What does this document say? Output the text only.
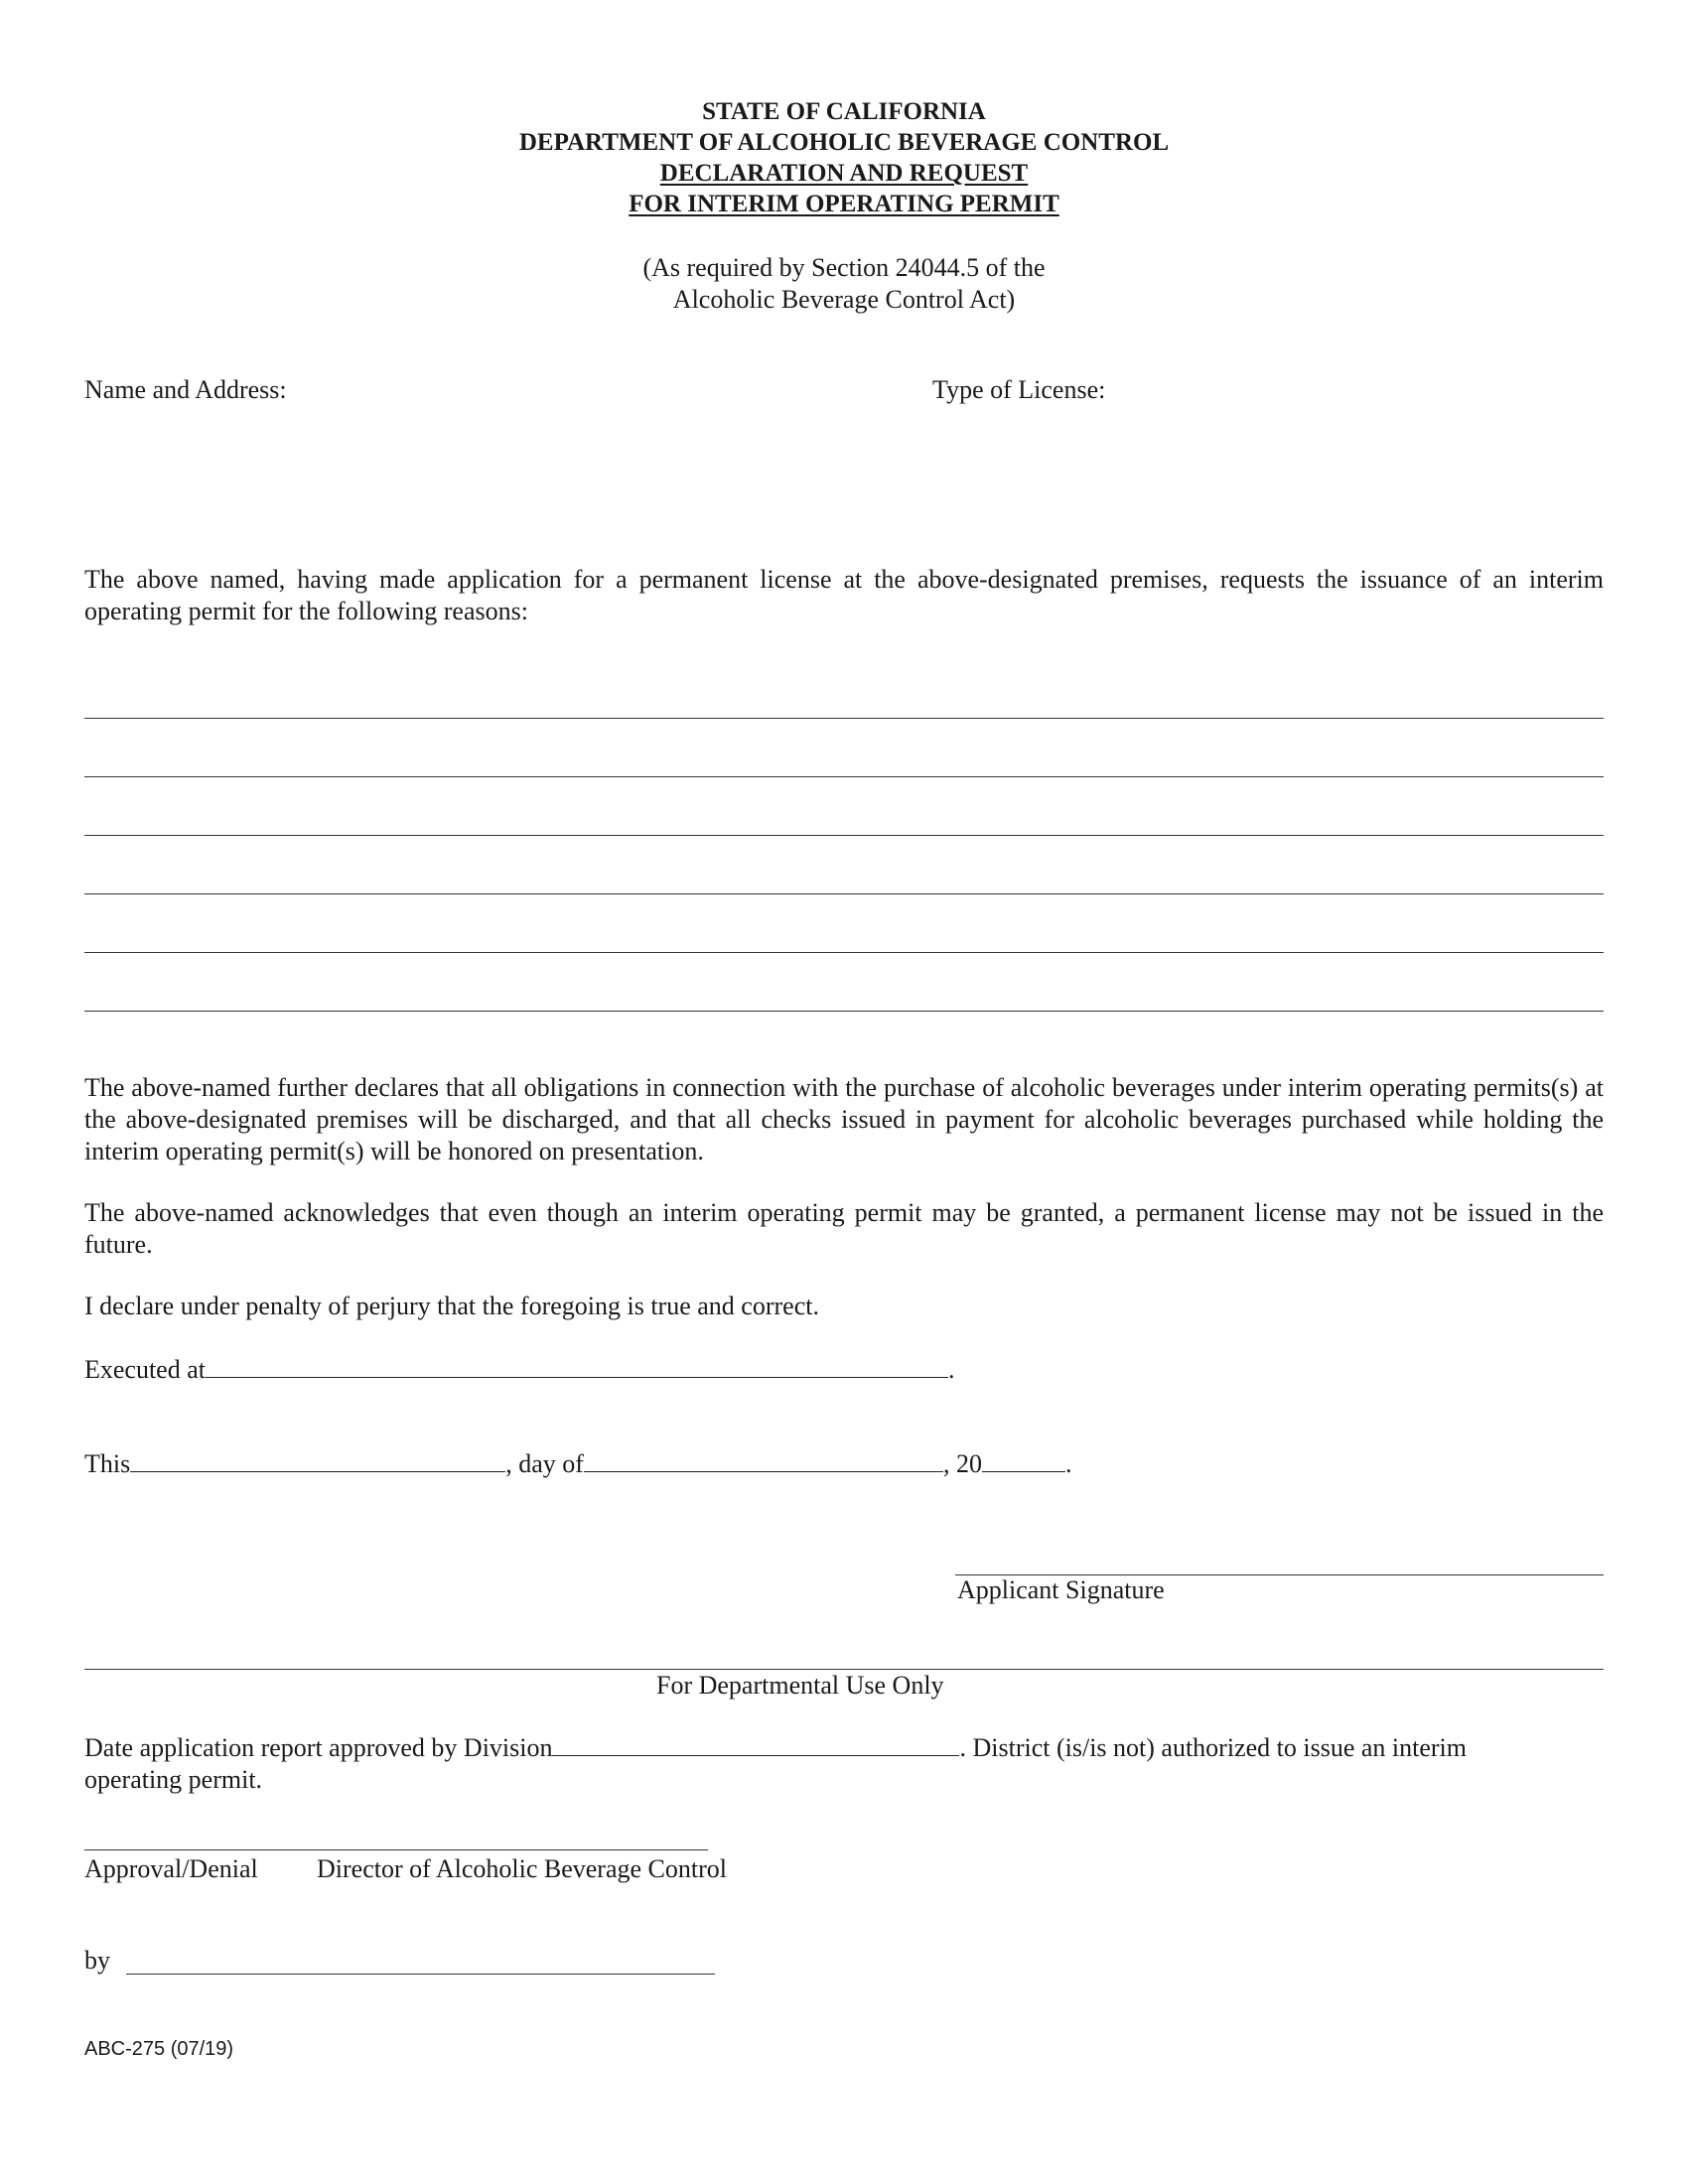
STATE OF CALIFORNIA
DEPARTMENT OF ALCOHOLIC BEVERAGE CONTROL
DECLARATION AND REQUEST
FOR INTERIM OPERATING PERMIT
(As required by Section 24044.5 of the
Alcoholic Beverage Control Act)
Name and Address:	Type of License:
The above named, having made application for a permanent license at the above-designated premises, requests the issuance of an interim operating permit for the following reasons:
The above-named further declares that all obligations in connection with the purchase of alcoholic beverages under interim operating permits(s) at the above-designated premises will be discharged, and that all checks issued in payment for alcoholic beverages purchased while holding the interim operating permit(s) will be honored on presentation.
The above-named acknowledges that even though an interim operating permit may be granted, a permanent license may not be issued in the future.
I declare under penalty of perjury that the foregoing is true and correct.
Executed at	.
This	, day of	, 20	.
Applicant Signature
For Departmental Use Only
Date application report approved by Division	. District (is/is not) authorized to issue an interim
operating permit.
Approval/Denial Director of Alcoholic Beverage Control
by
ABC-275 (07/19)
